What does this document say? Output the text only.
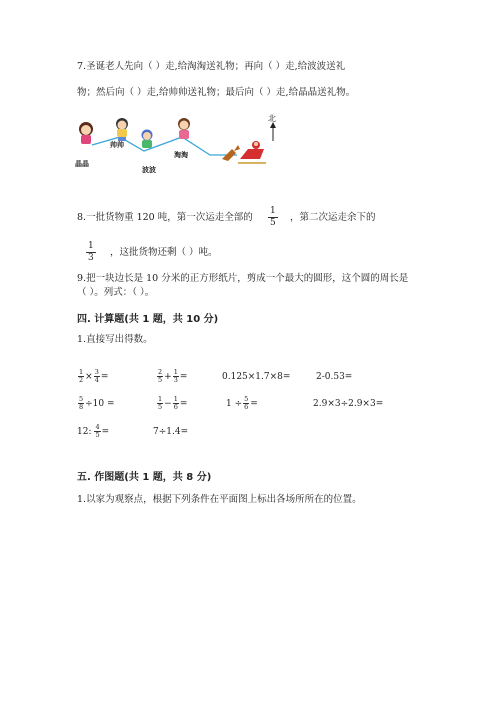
7.圣诞老人先向（ ）走,给淘淘送礼物；再向（ ）走,给波波送礼
物；然后向（ ）走,给帅帅送礼物；最后向（ ）走,给晶晶送礼物。
晶晶
帅帅
波波
淘淘
北
8.一批货物重 120 吨，第一次运走全部的 $\frac{1}{5}$ ，第二次运走余下的
$\frac{1}{3}$ ，这批货物还剩（ ）吨。
9.把一块边长是 10 分米的正方形纸片，剪成一个最大的圆形，这个圆的周长是
（ ）。列式：（ ）。
四. 计算题(共 1 题，共 10 分)
1.直接写出得数。
$\frac{1}{2} \times \frac{3}{4}$ =	$\frac{2}{5} + \frac{1}{3}$ =	0.125×1.7×8=	2-0.53=
$\frac{5}{8} \div 10$ =	$\frac{1}{5} - \frac{1}{6}$ =	$1 \div \frac{5}{6}$ =	2.9×3÷2.9×3=
12: $\frac{4}{5}$ =	7÷1.4=
五. 作图题(共 1 题，共 8 分)
1.以家为观察点，根据下列条件在平面图上标出各场所所在的位置。
